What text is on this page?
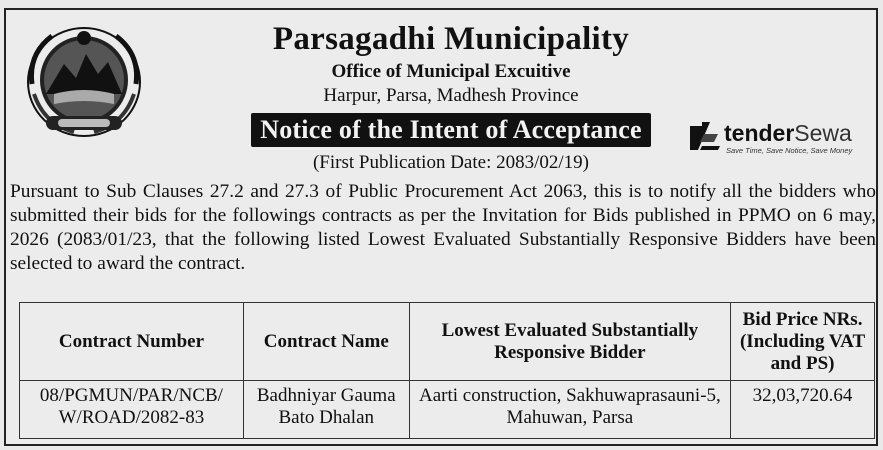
Parsagadhi Municipality
Office of Municipal Excuitive
Harpur, Parsa, Madhesh Province
Notice of the Intent of Acceptance
(First Publication Date: 2083/02/19)
tenderSewa
Save Time, Save Notice, Save Money

Pursuant to Sub Clauses 27.2 and 27.3 of Public Procurement Act 2063, this is to notify all the bidders who submitted their bids for the followings contracts as per the Invitation for Bids published in PPMO on 6 may, 2026 (2083/01/23, that the following listed Lowest Evaluated Substantially Responsive Bidders have been selected to award the contract.

Contract Number	Contract Name	Lowest Evaluated Substantially Responsive Bidder	Bid Price NRs. (Including VAT and PS)
08/PGMUN/PAR/NCB/ W/ROAD/2082-83	Badhniyar Gauma Bato Dhalan	Aarti construction, Sakhuwaprasauni-5, Mahuwan, Parsa	32,03,720.64
